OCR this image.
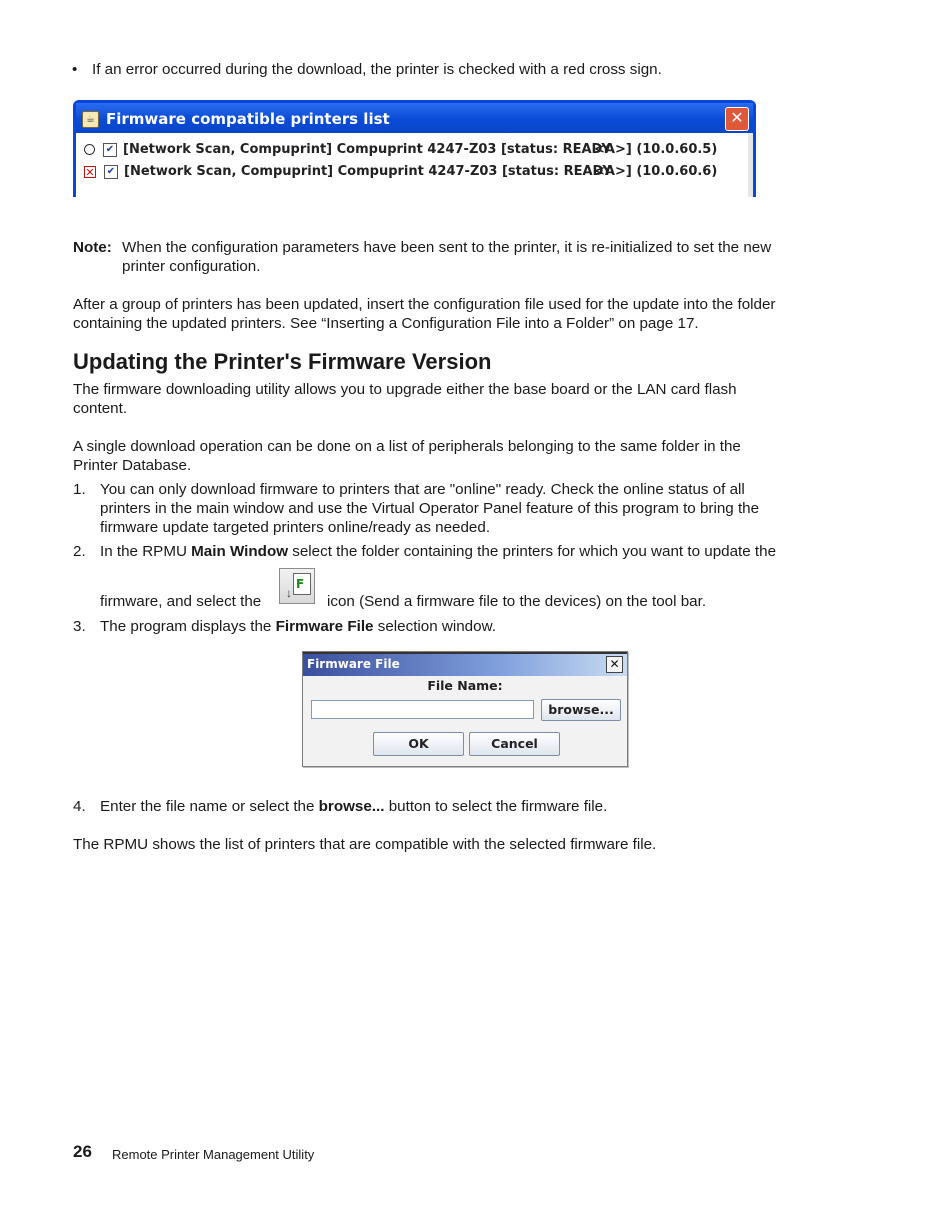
• If an error occurred during the download, the printer is checked with a red cross sign.
☕ Firmware compatible printers list	✕
✔ [Network Scan, Compuprint] Compuprint 4247-Z03 [status: READY
<A>] (10.0.60.5)
✕ ✔ [Network Scan, Compuprint] Compuprint 4247-Z03 [status: READY
<A>] (10.0.60.6)
Note: When the configuration parameters have been sent to the printer, it is re-initialized to set the new
printer configuration.
After a group of printers has been updated, insert the configuration file used for the update into the folder
containing the updated printers. See “Inserting a Configuration File into a Folder” on page 17.
Updating the Printer's Firmware Version
The firmware downloading utility allows you to upgrade either the base board or the LAN card flash
content.
A single download operation can be done on a list of peripherals belonging to the same folder in the
Printer Database.
1. You can only download firmware to printers that are "online" ready. Check the online status of all
printers in the main window and use the Virtual Operator Panel feature of this program to bring the
firmware update targeted printers online/ready as needed.
2. In the RPMU Main Window select the folder containing the printers for which you want to update the
firmware, and select the
F
↓ icon (Send a firmware file to the devices) on the tool bar.
3. The program displays the Firmware File selection window.
Firmware File	✕
File Name:
browse...
OK	Cancel
4. Enter the file name or select the browse... button to select the firmware file.
The RPMU shows the list of printers that are compatible with the selected firmware file.
26 Remote Printer Management Utility
